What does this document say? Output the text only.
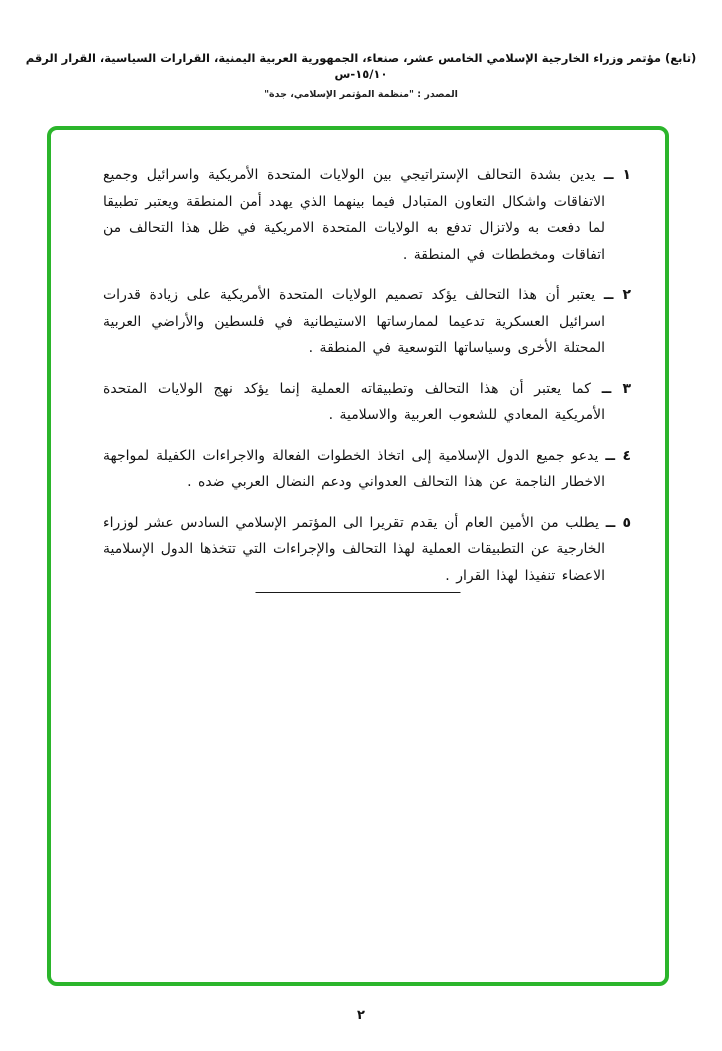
(تابع) مؤتمر وزراء الخارجية الإسلامي الخامس عشر، صنعاء، الجمهورية العربية اليمنية، القرارات السياسية، القرار الرقم ١٥/١٠-س
المصدر : "منظمة المؤتمر الإسلامي، جدة"

١ ــ يدين بشدة التحالف الإستراتيجي بين الولايات المتحدة الأمريكية واسرائيل وجميع الاتفاقات واشكال التعاون المتبادل فيما بينهما الذي يهدد أمن المنطقة ويعتبر تطبيقا لما دفعت به ولاتزال تدفع به الولايات المتحدة الامريكية في ظل هذا التحالف من اتفاقات ومخططات في المنطقة .

٢ ــ يعتبر أن هذا التحالف يؤكد تصميم الولايات المتحدة الأمريكية على زيادة قدرات اسرائيل العسكرية تدعيما لممارساتها الاستيطانية في فلسطين والأراضي العربية المحتلة الأخرى وسياساتها التوسعية في المنطقة .

٣ ــ كما يعتبر أن هذا التحالف وتطبيقاته العملية إنما يؤكد نهج الولايات المتحدة الأمريكية المعادي للشعوب العربية والاسلامية .

٤ ــ يدعو جميع الدول الإسلامية إلى اتخاذ الخطوات الفعالة والاجراءات الكفيلة لمواجهة الاخطار الناجمة عن هذا التحالف العدواني ودعم النضال العربي ضده .

٥ ــ يطلب من الأمين العام أن يقدم تقريرا الى المؤتمر الإسلامي السادس عشر لوزراء الخارجية عن التطبيقات العملية لهذا التحالف والإجراءات التي تتخذها الدول الإسلامية الاعضاء تنفيذا لهذا القرار .

٢
